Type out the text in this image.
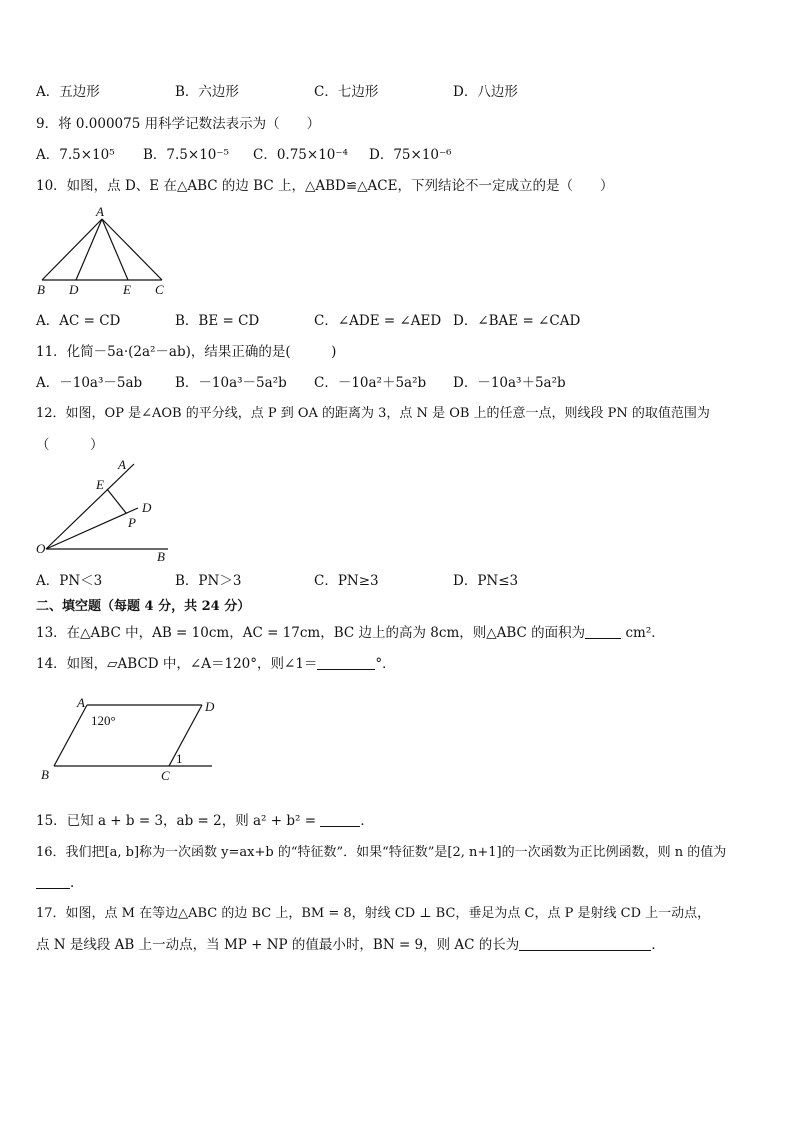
A．五边形	B．六边形	C．七边形	D．八边形
9．将 0.000075 用科学记数法表示为（　　）
A．7.5×10⁵ B．7.5×10⁻⁵ C．0.75×10⁻⁴ D．75×10⁻⁶
10．如图，点 D、E 在△ABC 的边 BC 上，△ABD≌△ACE，下列结论不一定成立的是（　　）
A
B D	E C
A．AC = CD	B．BE = CD	C．∠ADE = ∠AED D．∠BAE = ∠CAD
11．化简－5a·(2a²－ab)，结果正确的是(　　　)
A．－10a³－5ab B．－10a³－5a²b C．－10a²＋5a²b D．－10a³＋5a²b
12．如图，OP 是∠AOB 的平分线，点 P 到 OA 的距离为 3，点 N 是 OB 上的任意一点，则线段 PN 的取值范围为
（　　　）
A
E
D
P
O
B
A．PN＜3	B．PN＞3	C．PN≥3	D．PN≤3
二、填空题（每题 4 分，共 24 分）
13．在△ABC 中，AB = 10cm，AC = 17cm，BC 边上的高为 8cm，则△ABC 的面积为	cm²．
14．如图，▱ABCD 中，∠A＝120°，则∠1＝	°．
A	D
B	C
1
120°
15．已知 a + b = 3，ab = 2，则 a² + b² =	．
16．我们把[a, b]称为一次函数 y=ax+b 的“特征数”．如果“特征数”是[2, n+1]的一次函数为正比例函数，则 n 的值为
．
17．如图，点 M 在等边△ABC 的边 BC 上，BM = 8，射线 CD ⊥ BC，垂足为点 C，点 P 是射线 CD 上一动点，
点 N 是线段 AB 上一动点，当 MP + NP 的值最小时，BN = 9，则 AC 的长为	．
